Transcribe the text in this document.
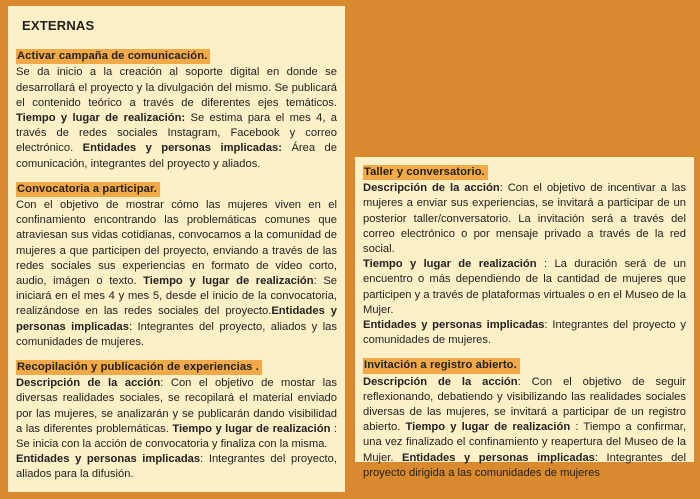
EXTERNAS
Activar campaña de comunicación.

Se da inicio a la creación al soporte digital en donde se desarrollará el proyecto y la divulgación del mismo. Se publicará el contenido teórico a través de diferentes ejes temáticos. Tiempo y lugar de realización: Se estima para el mes 4, a través de redes sociales Instagram, Facebook y correo electrónico. Entidades y personas implicadas: Área de comunicación, integrantes del proyecto y aliados.

Convocatoria a participar.

Con el objetivo de mostrar cómo las mujeres viven en el confinamiento encontrando las problemáticas comunes que atraviesan sus vidas cotidianas, convocamos a la comunidad de mujeres a que participen del proyecto, enviando a través de las redes sociales sus experiencias en formato de video corto, audio, imágen o texto. Tiempo y lugar de realización: Se iniciará en el mes 4 y mes 5, desde el inicio de la convocatoria, realizándose en las redes sociales del proyecto.Entidades y personas implicadas: Integrantes del proyecto, aliados y las comunidades de mujeres.

Recopilación y publicación de experiencias .

Descripción de la acción: Con el objetivo de mostar las diversas realidades sociales, se recopilará el material enviado por las mujeres, se analizarán y se publicarán dando visibilidad a las diferentes problemáticas. Tiempo y lugar de realización : Se inicia con la acción de convocatoria y finaliza con la misma.

Entidades y personas implicadas: Integrantes del proyecto, aliados para la difusión.

Taller y conversatorio.

Descripción de la acción: Con el objetivo de incentivar a las mujeres a enviar sus experiencias, se invitará a participar de un posterior taller/conversatorio. La invitación será a través del correo electrónico o por mensaje privado a través de la red social.

Tiempo y lugar de realización : La duración será de un encuentro o más dependiendo de la cantidad de mujeres que participen y a través de plataformas virtuales o en el Museo de la Mujer.

Entidades y personas implicadas: Integrantes del proyecto y comunidades de mujeres.

Invitación a registro abierto.

Descripción de la acción: Con el objetivo de seguir reflexionando, debatiendo y visibilizando las realidades sociales diversas de las mujeres, se invitará a participar de un registro abierto. Tiempo y lugar de realización : Tiempo a confirmar, una vez finalizado el confinamiento y reapertura del Museo de la Mujer. Entidades y personas implicadas: Integrantes del proyecto dirigida a las comunidades de mujeres
